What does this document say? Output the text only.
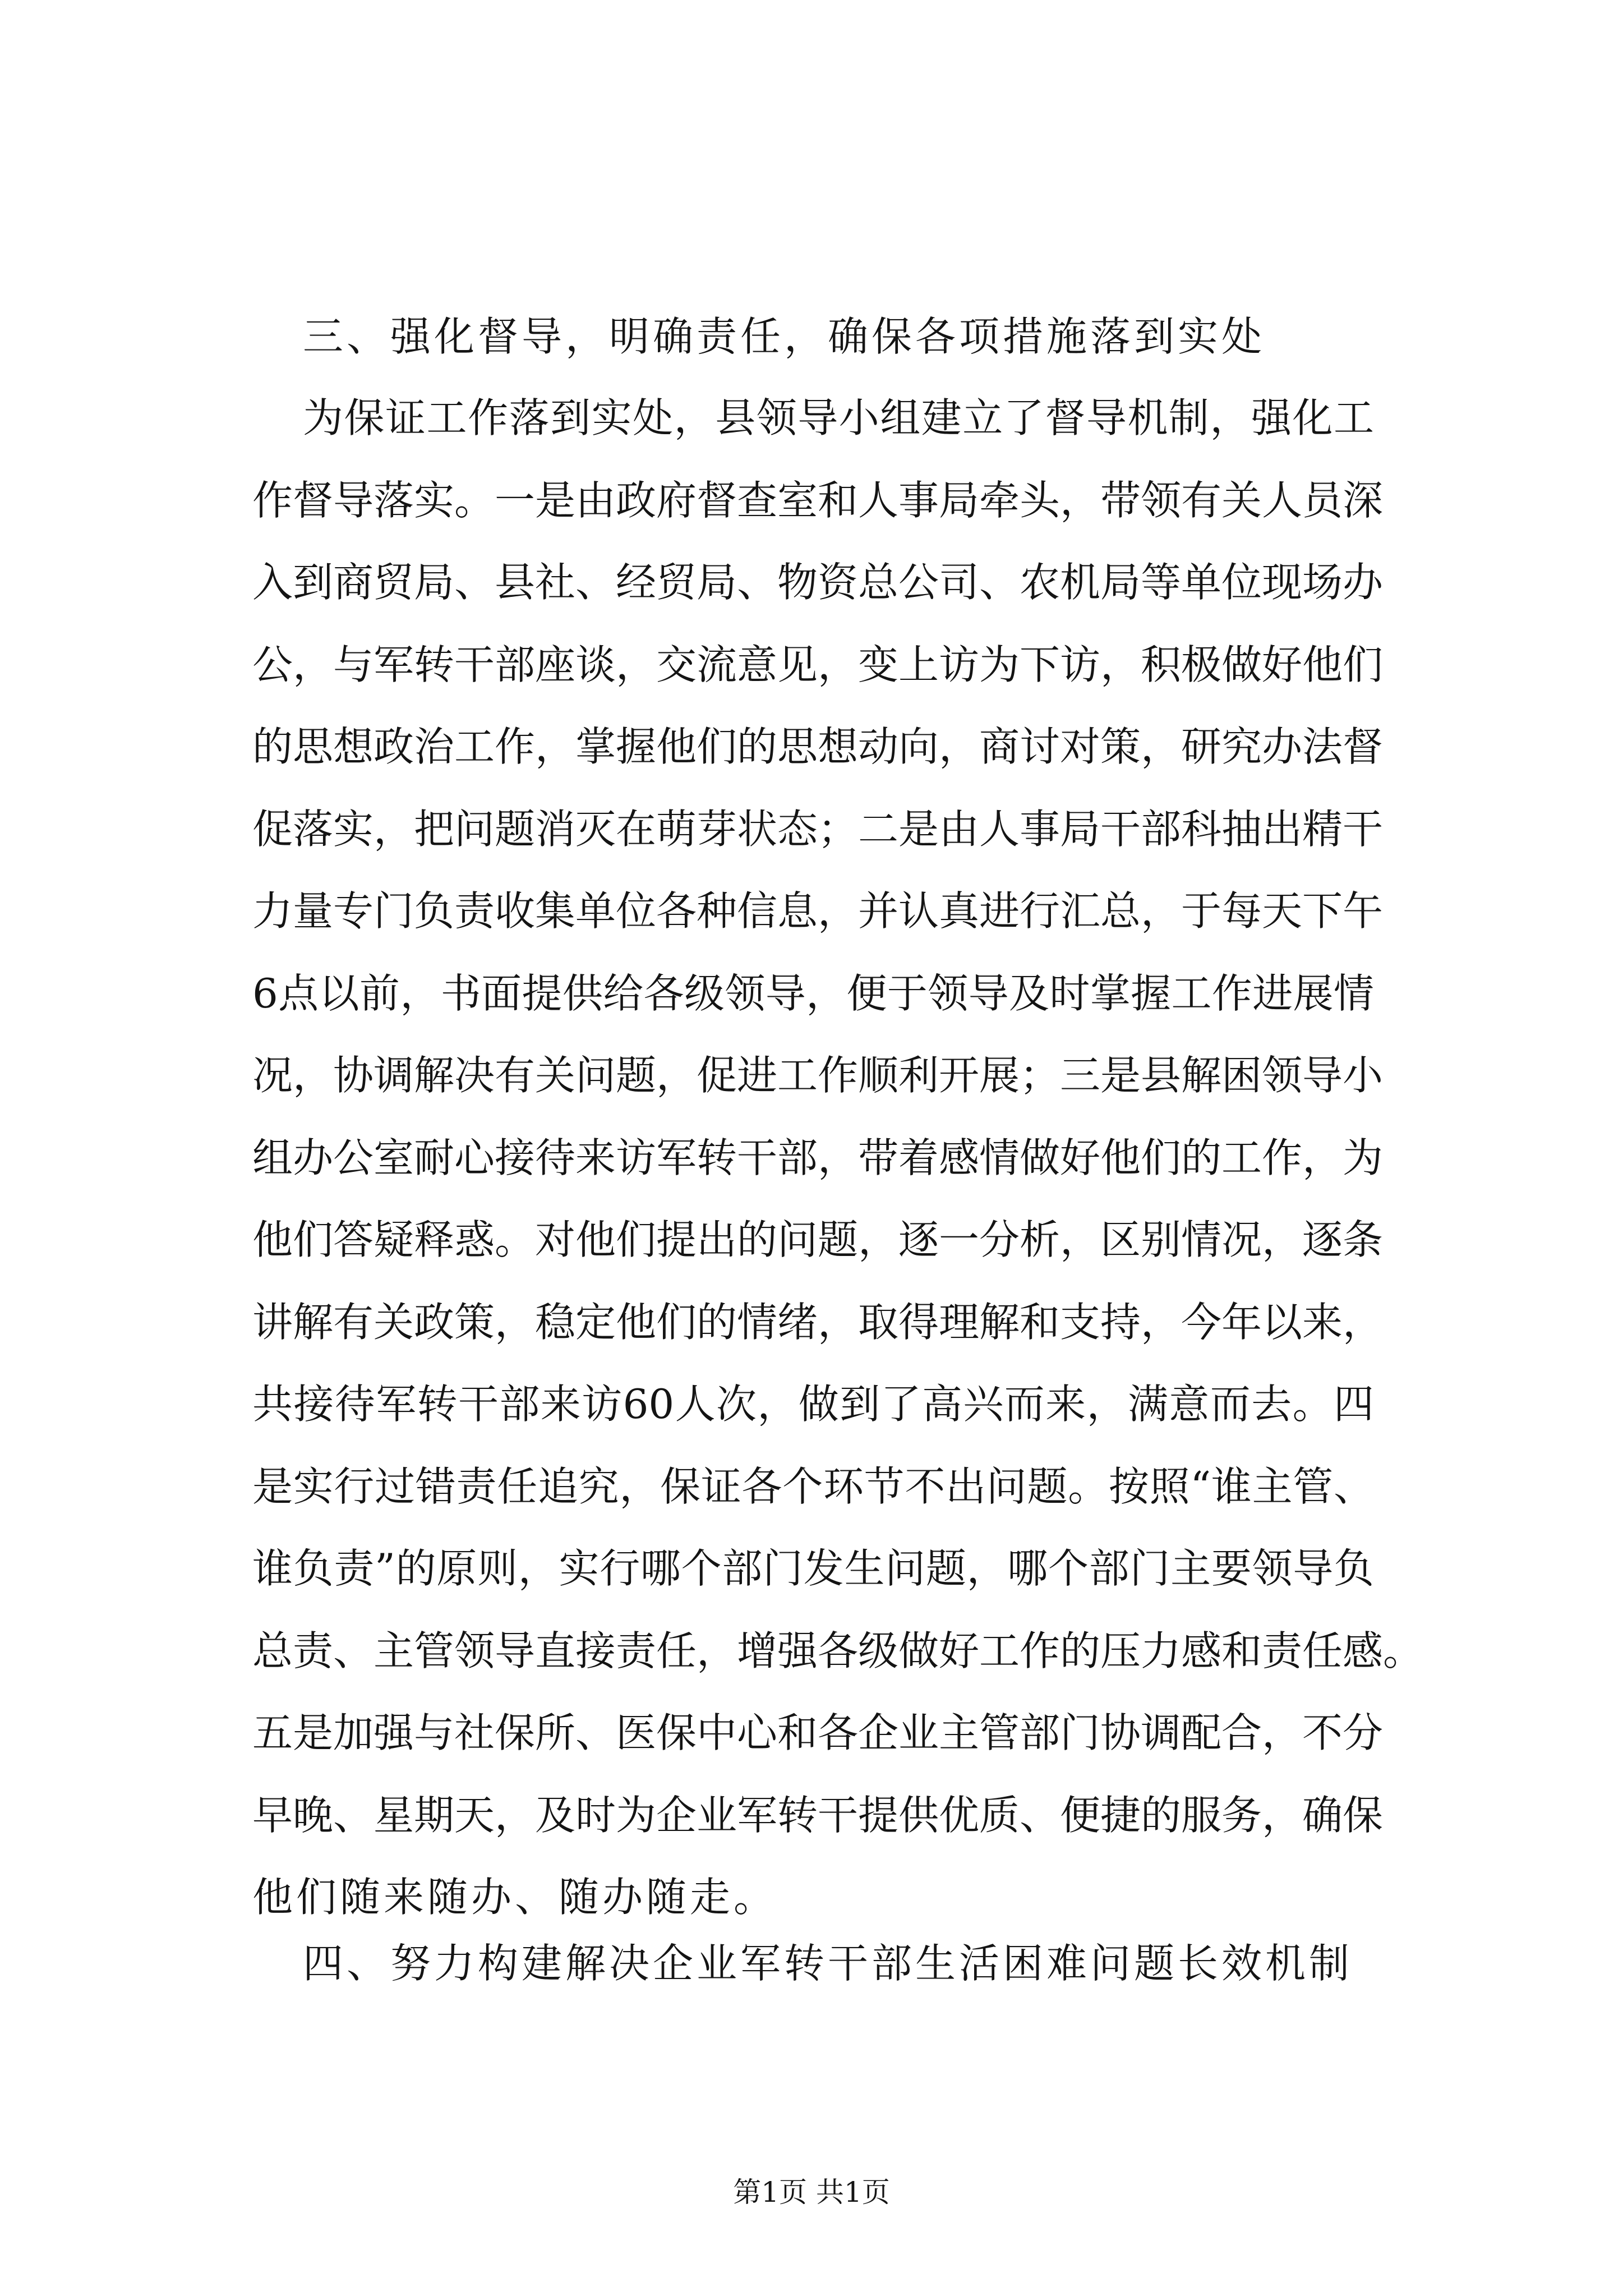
三、强化督导，明确责任，确保各项措施落到实处
为保证工作落到实处，县领导小组建立了督导机制，强化工
作督导落实。一是由政府督查室和人事局牵头，带领有关人员深
入到商贸局、县社、经贸局、物资总公司、农机局等单位现场办
公，与军转干部座谈，交流意见，变上访为下访，积极做好他们
的思想政治工作，掌握他们的思想动向，商讨对策，研究办法督
促落实，把问题消灭在萌芽状态；二是由人事局干部科抽出精干
力量专门负责收集单位各种信息，并认真进行汇总，于每天下午
6点以前，书面提供给各级领导，便于领导及时掌握工作进展情
况，协调解决有关问题，促进工作顺利开展；三是县解困领导小
组办公室耐心接待来访军转干部，带着感情做好他们的工作，为
他们答疑释惑。对他们提出的问题，逐一分析，区别情况，逐条
讲解有关政策，稳定他们的情绪，取得理解和支持，今年以来，
共接待军转干部来访60人次，做到了高兴而来，满意而去。四
是实行过错责任追究，保证各个环节不出问题。按照“谁主管、
谁负责”的原则，实行哪个部门发生问题，哪个部门主要领导负
总责、主管领导直接责任，增强各级做好工作的压力感和责任感。
五是加强与社保所、医保中心和各企业主管部门协调配合，不分
早晚、星期天，及时为企业军转干提供优质、便捷的服务，确保
他们随来随办、随办随走。
四、努力构建解决企业军转干部生活困难问题长效机制
第1页 共1页
